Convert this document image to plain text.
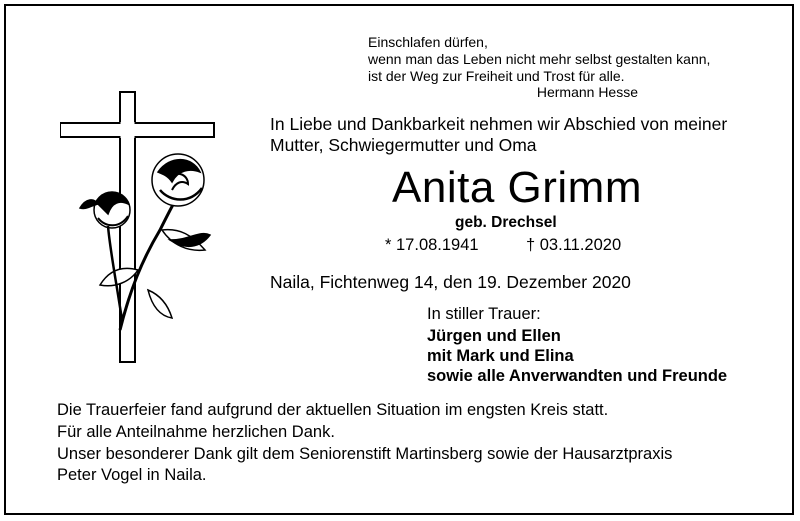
Einschlafen dürfen,
wenn man das Leben nicht mehr selbst gestalten kann,
ist der Weg zur Freiheit und Trost für alle.
Hermann Hesse
In Liebe und Dankbarkeit nehmen wir Abschied von meiner
Mutter, Schwiegermutter und Oma
Anita Grimm
geb. Drechsel
* 17.08.1941	† 03.11.2020
Naila, Fichtenweg 14, den 19. Dezember 2020
In stiller Trauer:
Jürgen und Ellen
mit Mark und Elina
sowie alle Anverwandten und Freunde
Die Trauerfeier fand aufgrund der aktuellen Situation im engsten Kreis statt.
Für alle Anteilnahme herzlichen Dank.
Unser besonderer Dank gilt dem Seniorenstift Martinsberg sowie der Hausarztpraxis
Peter Vogel in Naila.
